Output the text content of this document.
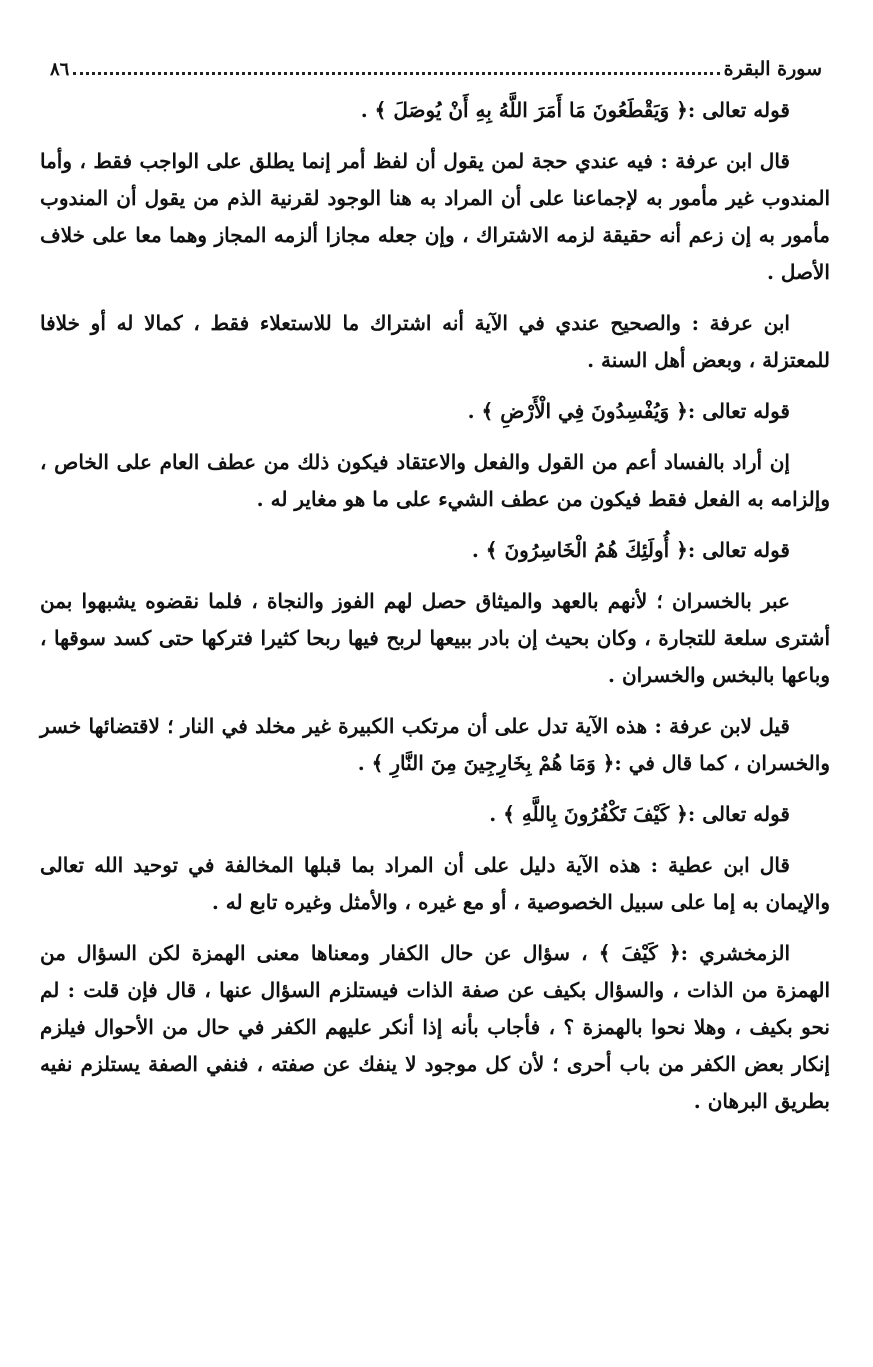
سورة البقرة
٨٦

قوله تعالى :﴿ وَيَقْطَعُونَ مَا أَمَرَ اللَّهُ بِهِ أَنْ يُوصَلَ ﴾ .

قال ابن عرفة : فيه عندي حجة لمن يقول أن لفظ أمر إنما يطلق على الواجب فقط ، وأما المندوب غير مأمور به لإجماعنا على أن المراد به هنا الوجود لقرنية الذم من يقول أن المندوب مأمور به إن زعم أنه حقيقة لزمه الاشتراك ، وإن جعله مجازا ألزمه المجاز وهما معا على خلاف الأصل .

ابن عرفة : والصحيح عندي في الآية أنه اشتراك ما للاستعلاء فقط ، كمالا له أو خلافا للمعتزلة ، وبعض أهل السنة .

قوله تعالى :﴿ وَيُفْسِدُونَ فِي الْأَرْضِ ﴾ .

إن أراد بالفساد أعم من القول والفعل والاعتقاد فيكون ذلك من عطف العام على الخاص ، وإلزامه به الفعل فقط فيكون من عطف الشيء على ما هو مغاير له .

قوله تعالى :﴿ أُولَئِكَ هُمُ الْخَاسِرُونَ ﴾ .

عبر بالخسران ؛ لأنهم بالعهد والميثاق حصل لهم الفوز والنجاة ، فلما نقضوه يشبهوا بمن أشترى سلعة للتجارة ، وكان بحيث إن بادر ببيعها لربح فيها ربحا كثيرا فتركها حتى كسد سوقها ، وباعها بالبخس والخسران .

قيل لابن عرفة : هذه الآية تدل على أن مرتكب الكبيرة غير مخلد في النار ؛ لاقتضائها خسر والخسران ، كما قال في :﴿ وَمَا هُمْ بِخَارِجِينَ مِنَ النَّارِ ﴾ .

قوله تعالى :﴿ كَيْفَ تَكْفُرُونَ بِاللَّهِ ﴾ .

قال ابن عطية : هذه الآية دليل على أن المراد بما قبلها المخالفة في توحيد الله تعالى والإيمان به إما على سبيل الخصوصية ، أو مع غيره ، والأمثل وغيره تابع له .

الزمخشري :﴿ كَيْفَ ﴾ ، سؤال عن حال الكفار ومعناها معنى الهمزة لكن السؤال من الهمزة من الذات ، والسؤال بكيف عن صفة الذات فيستلزم السؤال عنها ، قال فإن قلت : لم نحو بكيف ، وهلا نحوا بالهمزة ؟ ، فأجاب بأنه إذا أنكر عليهم الكفر في حال من الأحوال فيلزم إنكار بعض الكفر من باب أحرى ؛ لأن كل موجود لا ينفك عن صفته ، فنفي الصفة يستلزم نفيه بطريق البرهان .
